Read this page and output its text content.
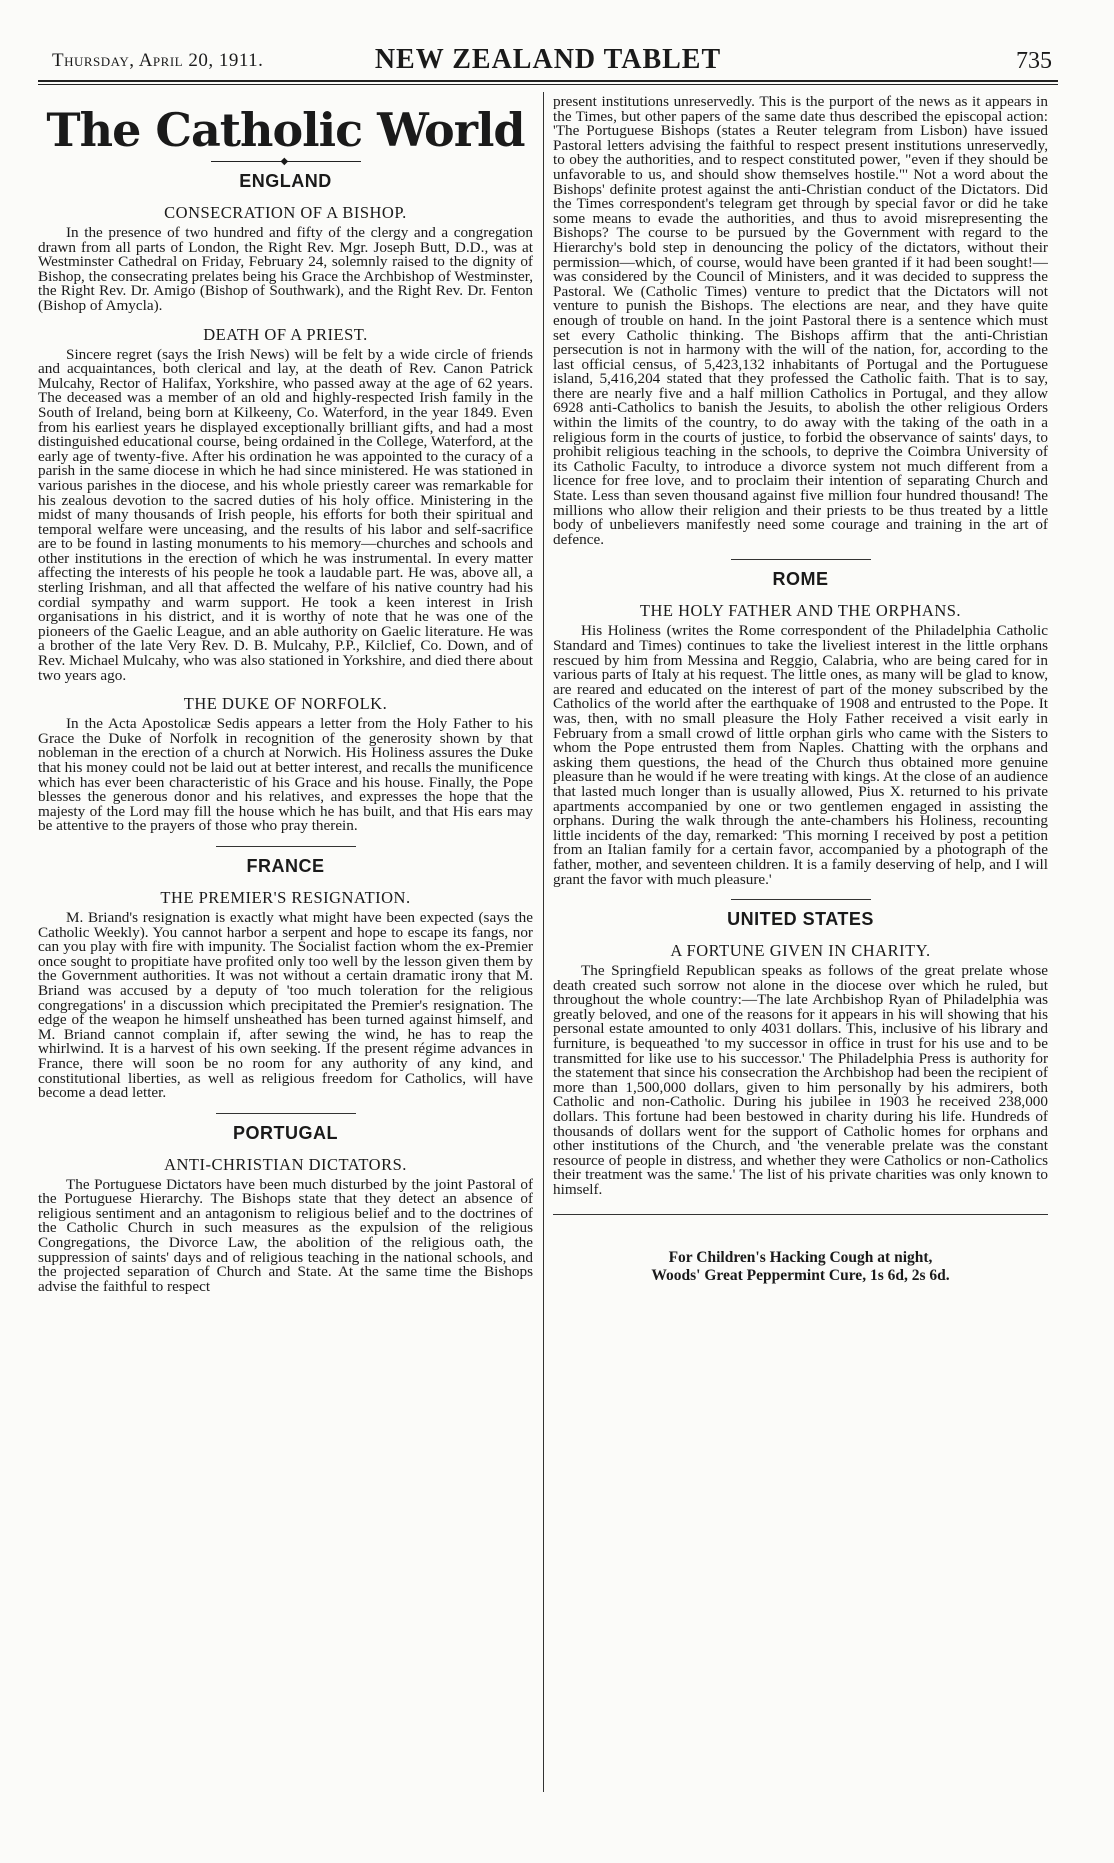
Thursday, April 20, 1911.	NEW ZEALAND TABLET	735
The Catholic World
◆
ENGLAND
CONSECRATION OF A BISHOP.

In the presence of two hundred and fifty of the clergy and a congregation drawn from all parts of London, the Right Rev. Mgr. Joseph Butt, D.D., was at Westminster Cathedral on Friday, February 24, solemnly raised to the dignity of Bishop, the consecrating prelates being his Grace the Archbishop of Westminster, the Right Rev. Dr. Amigo (Bishop of Southwark), and the Right Rev. Dr. Fenton (Bishop of Amycla).

DEATH OF A PRIEST.

Sincere regret (says the Irish News) will be felt by a wide circle of friends and acquaintances, both clerical and lay, at the death of Rev. Canon Patrick Mulcahy, Rector of Halifax, Yorkshire, who passed away at the age of 62 years. The deceased was a member of an old and highly-respected Irish family in the South of Ireland, being born at Kilkeeny, Co. Waterford, in the year 1849. Even from his earliest years he displayed exceptionally brilliant gifts, and had a most distinguished educational course, being ordained in the College, Waterford, at the early age of twenty-five. After his ordination he was appointed to the curacy of a parish in the same diocese in which he had since ministered. He was stationed in various parishes in the diocese, and his whole priestly career was remarkable for his zealous devotion to the sacred duties of his holy office. Ministering in the midst of many thousands of Irish people, his efforts for both their spiritual and temporal welfare were unceasing, and the results of his labor and self-sacrifice are to be found in lasting monuments to his memory—churches and schools and other institutions in the erection of which he was instrumental. In every matter affecting the interests of his people he took a laudable part. He was, above all, a sterling Irishman, and all that affected the welfare of his native country had his cordial sympathy and warm support. He took a keen interest in Irish organisations in his district, and it is worthy of note that he was one of the pioneers of the Gaelic League, and an able authority on Gaelic literature. He was a brother of the late Very Rev. D. B. Mulcahy, P.P., Kilclief, Co. Down, and of Rev. Michael Mulcahy, who was also stationed in Yorkshire, and died there about two years ago.

THE DUKE OF NORFOLK.

In the Acta Apostolicæ Sedis appears a letter from the Holy Father to his Grace the Duke of Norfolk in recognition of the generosity shown by that nobleman in the erection of a church at Norwich. His Holiness assures the Duke that his money could not be laid out at better interest, and recalls the munificence which has ever been characteristic of his Grace and his house. Finally, the Pope blesses the generous donor and his relatives, and expresses the hope that the majesty of the Lord may fill the house which he has built, and that His ears may be attentive to the prayers of those who pray therein.

FRANCE
THE PREMIER'S RESIGNATION.

M. Briand's resignation is exactly what might have been expected (says the Catholic Weekly). You cannot harbor a serpent and hope to escape its fangs, nor can you play with fire with impunity. The Socialist faction whom the ex-Premier once sought to propitiate have profited only too well by the lesson given them by the Government authorities. It was not without a certain dramatic irony that M. Briand was accused by a deputy of 'too much toleration for the religious congregations' in a discussion which precipitated the Premier's resignation. The edge of the weapon he himself unsheathed has been turned against himself, and M. Briand cannot complain if, after sewing the wind, he has to reap the whirlwind. It is a harvest of his own seeking. If the present régime advances in France, there will soon be no room for any authority of any kind, and constitutional liberties, as well as religious freedom for Catholics, will have become a dead letter.

PORTUGAL
ANTI-CHRISTIAN DICTATORS.

The Portuguese Dictators have been much disturbed by the joint Pastoral of the Portuguese Hierarchy. The Bishops state that they detect an absence of religious sentiment and an antagonism to religious belief and to the doctrines of the Catholic Church in such measures as the expulsion of the religious Congregations, the Divorce Law, the abolition of the religious oath, the suppression of saints' days and of religious teaching in the national schools, and the projected separation of Church and State. At the same time the Bishops advise the faithful to respect

present institutions unreservedly. This is the purport of the news as it appears in the Times, but other papers of the same date thus described the episcopal action: 'The Portuguese Bishops (states a Reuter telegram from Lisbon) have issued Pastoral letters advising the faithful to respect present institutions unreservedly, to obey the authorities, and to respect constituted power, "even if they should be unfavorable to us, and should show themselves hostile."' Not a word about the Bishops' definite protest against the anti-Christian conduct of the Dictators. Did the Times correspondent's telegram get through by special favor or did he take some means to evade the authorities, and thus to avoid misrepresenting the Bishops? The course to be pursued by the Government with regard to the Hierarchy's bold step in denouncing the policy of the dictators, without their permission—which, of course, would have been granted if it had been sought!—was considered by the Council of Ministers, and it was decided to suppress the Pastoral. We (Catholic Times) venture to predict that the Dictators will not venture to punish the Bishops. The elections are near, and they have quite enough of trouble on hand. In the joint Pastoral there is a sentence which must set every Catholic thinking. The Bishops affirm that the anti-Christian persecution is not in harmony with the will of the nation, for, according to the last official census, of 5,423,132 inhabitants of Portugal and the Portuguese island, 5,416,204 stated that they professed the Catholic faith. That is to say, there are nearly five and a half million Catholics in Portugal, and they allow 6928 anti-Catholics to banish the Jesuits, to abolish the other religious Orders within the limits of the country, to do away with the taking of the oath in a religious form in the courts of justice, to forbid the observance of saints' days, to prohibit religious teaching in the schools, to deprive the Coimbra University of its Catholic Faculty, to introduce a divorce system not much different from a licence for free love, and to proclaim their intention of separating Church and State. Less than seven thousand against five million four hundred thousand! The millions who allow their religion and their priests to be thus treated by a little body of unbelievers manifestly need some courage and training in the art of defence.

ROME
THE HOLY FATHER AND THE ORPHANS.

His Holiness (writes the Rome correspondent of the Philadelphia Catholic Standard and Times) continues to take the liveliest interest in the little orphans rescued by him from Messina and Reggio, Calabria, who are being cared for in various parts of Italy at his request. The little ones, as many will be glad to know, are reared and educated on the interest of part of the money subscribed by the Catholics of the world after the earthquake of 1908 and entrusted to the Pope. It was, then, with no small pleasure the Holy Father received a visit early in February from a small crowd of little orphan girls who came with the Sisters to whom the Pope entrusted them from Naples. Chatting with the orphans and asking them questions, the head of the Church thus obtained more genuine pleasure than he would if he were treating with kings. At the close of an audience that lasted much longer than is usually allowed, Pius X. returned to his private apartments accompanied by one or two gentlemen engaged in assisting the orphans. During the walk through the ante-chambers his Holiness, recounting little incidents of the day, remarked: 'This morning I received by post a petition from an Italian family for a certain favor, accompanied by a photograph of the father, mother, and seventeen children. It is a family deserving of help, and I will grant the favor with much pleasure.'

UNITED STATES
A FORTUNE GIVEN IN CHARITY.

The Springfield Republican speaks as follows of the great prelate whose death created such sorrow not alone in the diocese over which he ruled, but throughout the whole country:—The late Archbishop Ryan of Philadelphia was greatly beloved, and one of the reasons for it appears in his will showing that his personal estate amounted to only 4031 dollars. This, inclusive of his library and furniture, is bequeathed 'to my successor in office in trust for his use and to be transmitted for like use to his successor.' The Philadelphia Press is authority for the statement that since his consecration the Archbishop had been the recipient of more than 1,500,000 dollars, given to him personally by his admirers, both Catholic and non-Catholic. During his jubilee in 1903 he received 238,000 dollars. This fortune had been bestowed in charity during his life. Hundreds of thousands of dollars went for the support of Catholic homes for orphans and other institutions of the Church, and 'the venerable prelate was the constant resource of people in distress, and whether they were Catholics or non-Catholics their treatment was the same.' The list of his private charities was only known to himself.

For Children's Hacking Cough at night,
Woods' Great Peppermint Cure, 1s 6d, 2s 6d.
